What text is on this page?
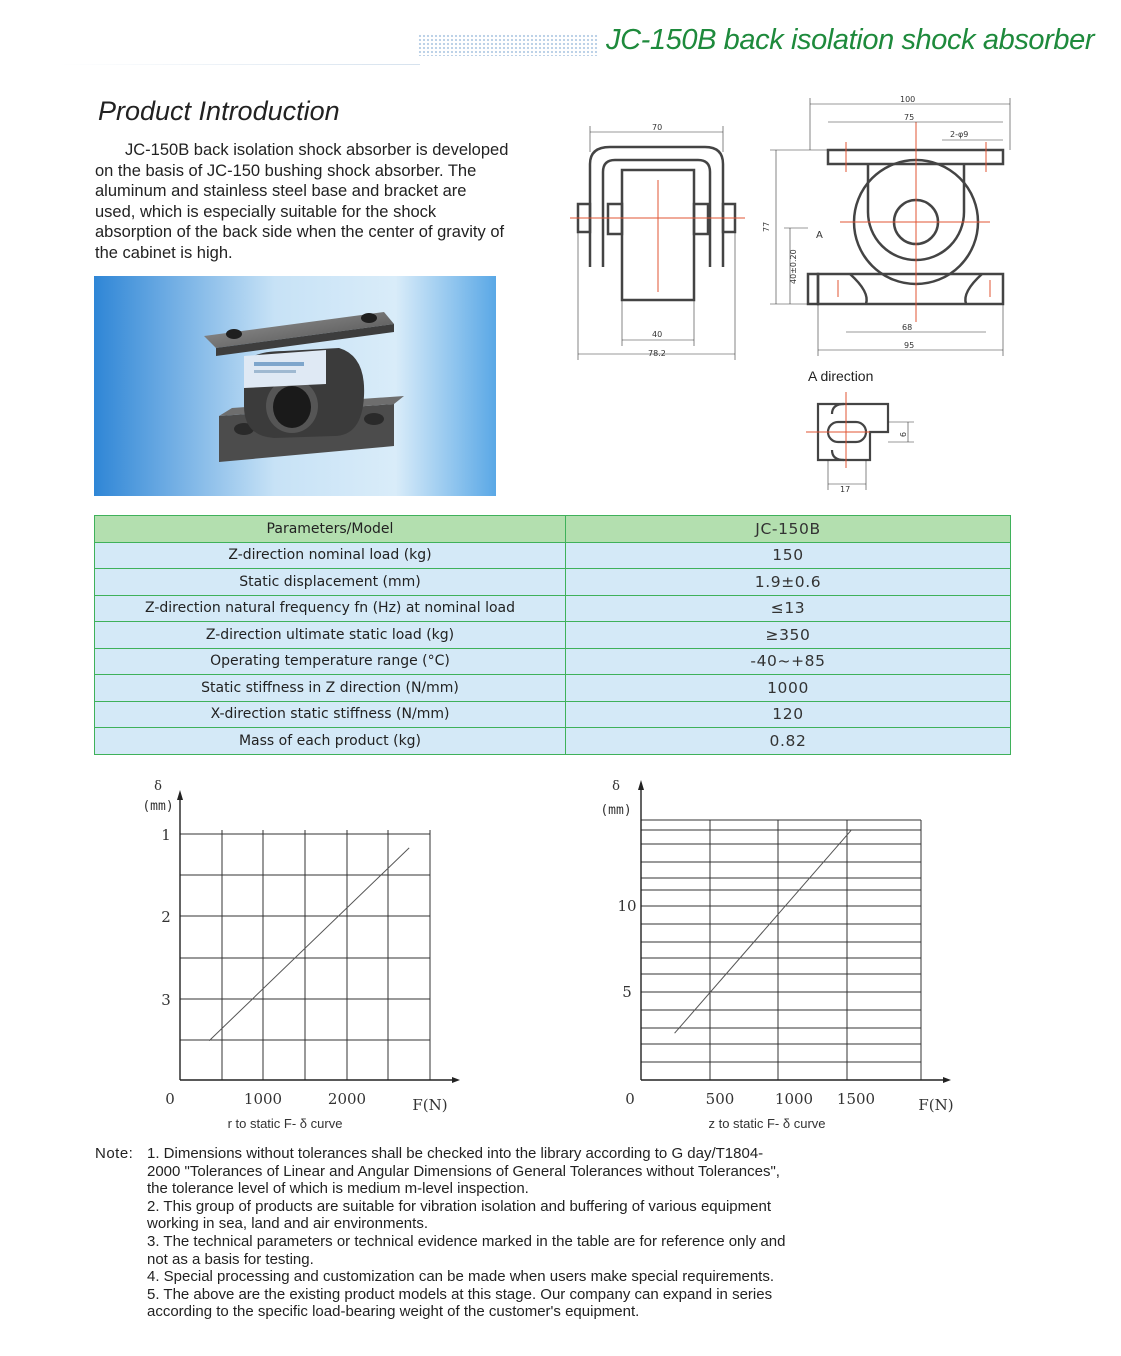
JC-150B back isolation shock absorber
Product Introduction
JC-150B back isolation shock absorber is developed on the basis of JC-150 bushing shock absorber. The aluminum and stainless steel base and bracket are used, which is especially suitable for the shock absorption of the back side when the center of gravity of the cabinet is high.
70
40
78.2
100
75
2-φ9
77
40±0.20
A
68
95
9
17
A direction
Parameters/Model	JC-150B
Z-direction nominal load (kg)	150
Static displacement (mm)	1.9±0.6
Z-direction natural frequency fn (Hz) at nominal load	≤13
Z-direction ultimate static load (kg)	≥350
Operating temperature range (°C)	-40~+85
Static stiffness in Z direction (N/mm)	1000
X-direction static stiffness (N/mm)	120
Mass of each product (kg)	0.82
0	1000	2000
1
2
3
δ
(mm)
F(N)
r to static F- δ curve
0	500	1000 1500
5
10
δ
(mm)
F(N)
z to static F- δ curve
Note: 1. Dimensions without tolerances shall be checked into the library according to G day/T1804-2000 "Tolerances of Linear and Angular Dimensions of General Tolerances without Tolerances", the tolerance level of which is medium m-level inspection.
2. This group of products are suitable for vibration isolation and buffering of various equipment working in sea, land and air environments.
3. The technical parameters or technical evidence marked in the table are for reference only and not as a basis for testing.
4. Special processing and customization can be made when users make special requirements.
5. The above are the existing product models at this stage. Our company can expand in series according to the specific load-bearing weight of the customer's equipment.
